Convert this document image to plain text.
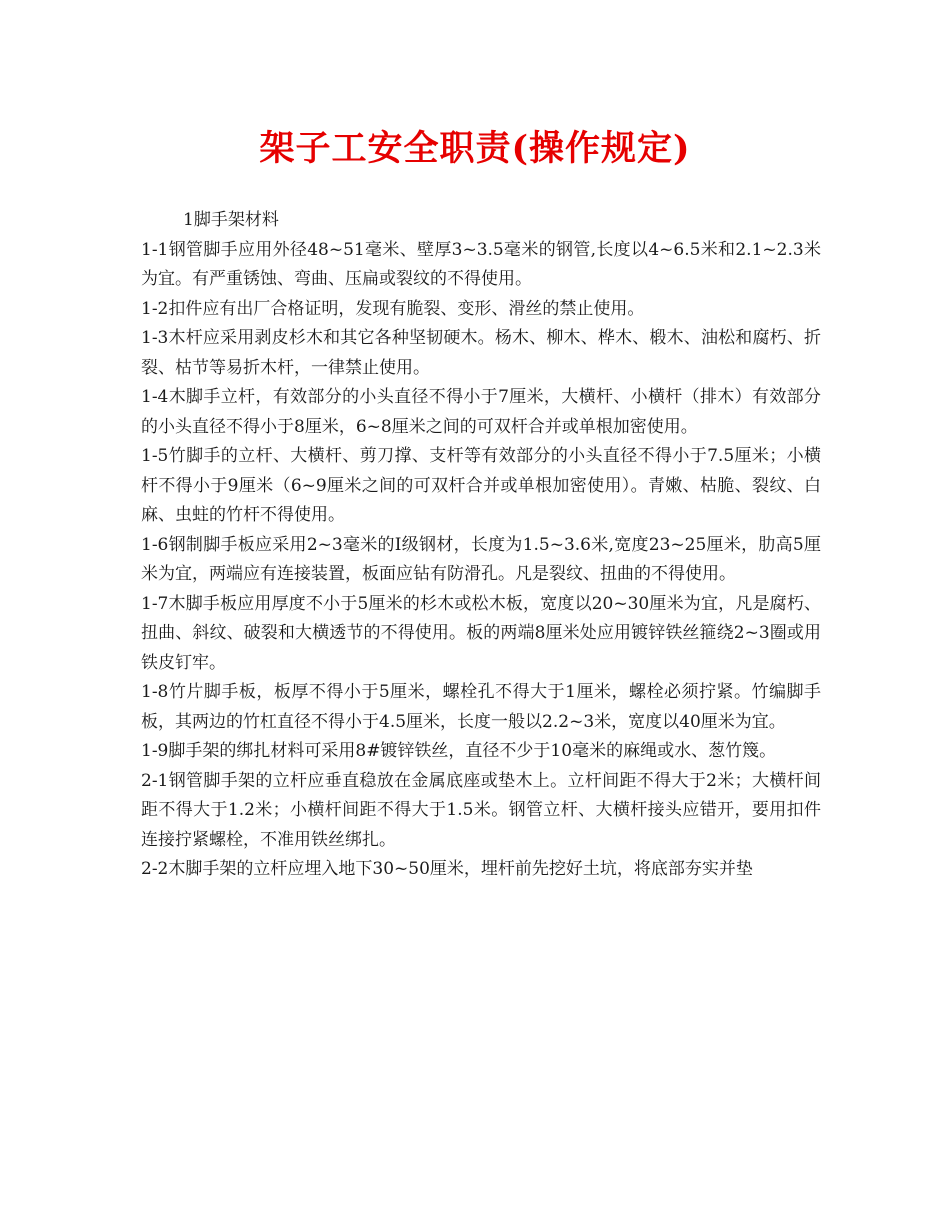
架子工安全职责(操作规定)

1脚手架材料

1-1钢管脚手应用外径48~51毫米、壁厚3~3.5毫米的钢管,长度以4~6.5米和2.1~2.3米为宜。有严重锈蚀、弯曲、压扁或裂纹的不得使用。

1-2扣件应有出厂合格证明，发现有脆裂、变形、滑丝的禁止使用。

1-3木杆应采用剥皮杉木和其它各种坚韧硬木。杨木、柳木、桦木、椴木、油松和腐朽、折裂、枯节等易折木杆，一律禁止使用。

1-4木脚手立杆，有效部分的小头直径不得小于7厘米，大横杆、小横杆（排木）有效部分的小头直径不得小于8厘米，6~8厘米之间的可双杆合并或单根加密使用。

1-5竹脚手的立杆、大横杆、剪刀撑、支杆等有效部分的小头直径不得小于7.5厘米；小横杆不得小于9厘米（6~9厘米之间的可双杆合并或单根加密使用）。青嫩、枯脆、裂纹、白麻、虫蛀的竹杆不得使用。

1-6钢制脚手板应采用2~3毫米的Ⅰ级钢材，长度为1.5~3.6米,宽度23~25厘米，肋高5厘米为宜，两端应有连接装置，板面应钻有防滑孔。凡是裂纹、扭曲的不得使用。

1-7木脚手板应用厚度不小于5厘米的杉木或松木板，宽度以20~30厘米为宜，凡是腐朽、扭曲、斜纹、破裂和大横透节的不得使用。板的两端8厘米处应用镀锌铁丝箍绕2~3圈或用铁皮钉牢。

1-8竹片脚手板，板厚不得小于5厘米，螺栓孔不得大于1厘米，螺栓必须拧紧。竹编脚手板，其两边的竹杠直径不得小于4.5厘米，长度一般以2.2~3米，宽度以40厘米为宜。

1-9脚手架的绑扎材料可采用8#镀锌铁丝，直径不少于10毫米的麻绳或水、葱竹篾。

2-1钢管脚手架的立杆应垂直稳放在金属底座或垫木上。立杆间距不得大于2米；大横杆间距不得大于1.2米；小横杆间距不得大于1.5米。钢管立杆、大横杆接头应错开，要用扣件连接拧紧螺栓，不准用铁丝绑扎。

2-2木脚手架的立杆应埋入地下30~50厘米，埋杆前先挖好土坑，将底部夯实并垫
